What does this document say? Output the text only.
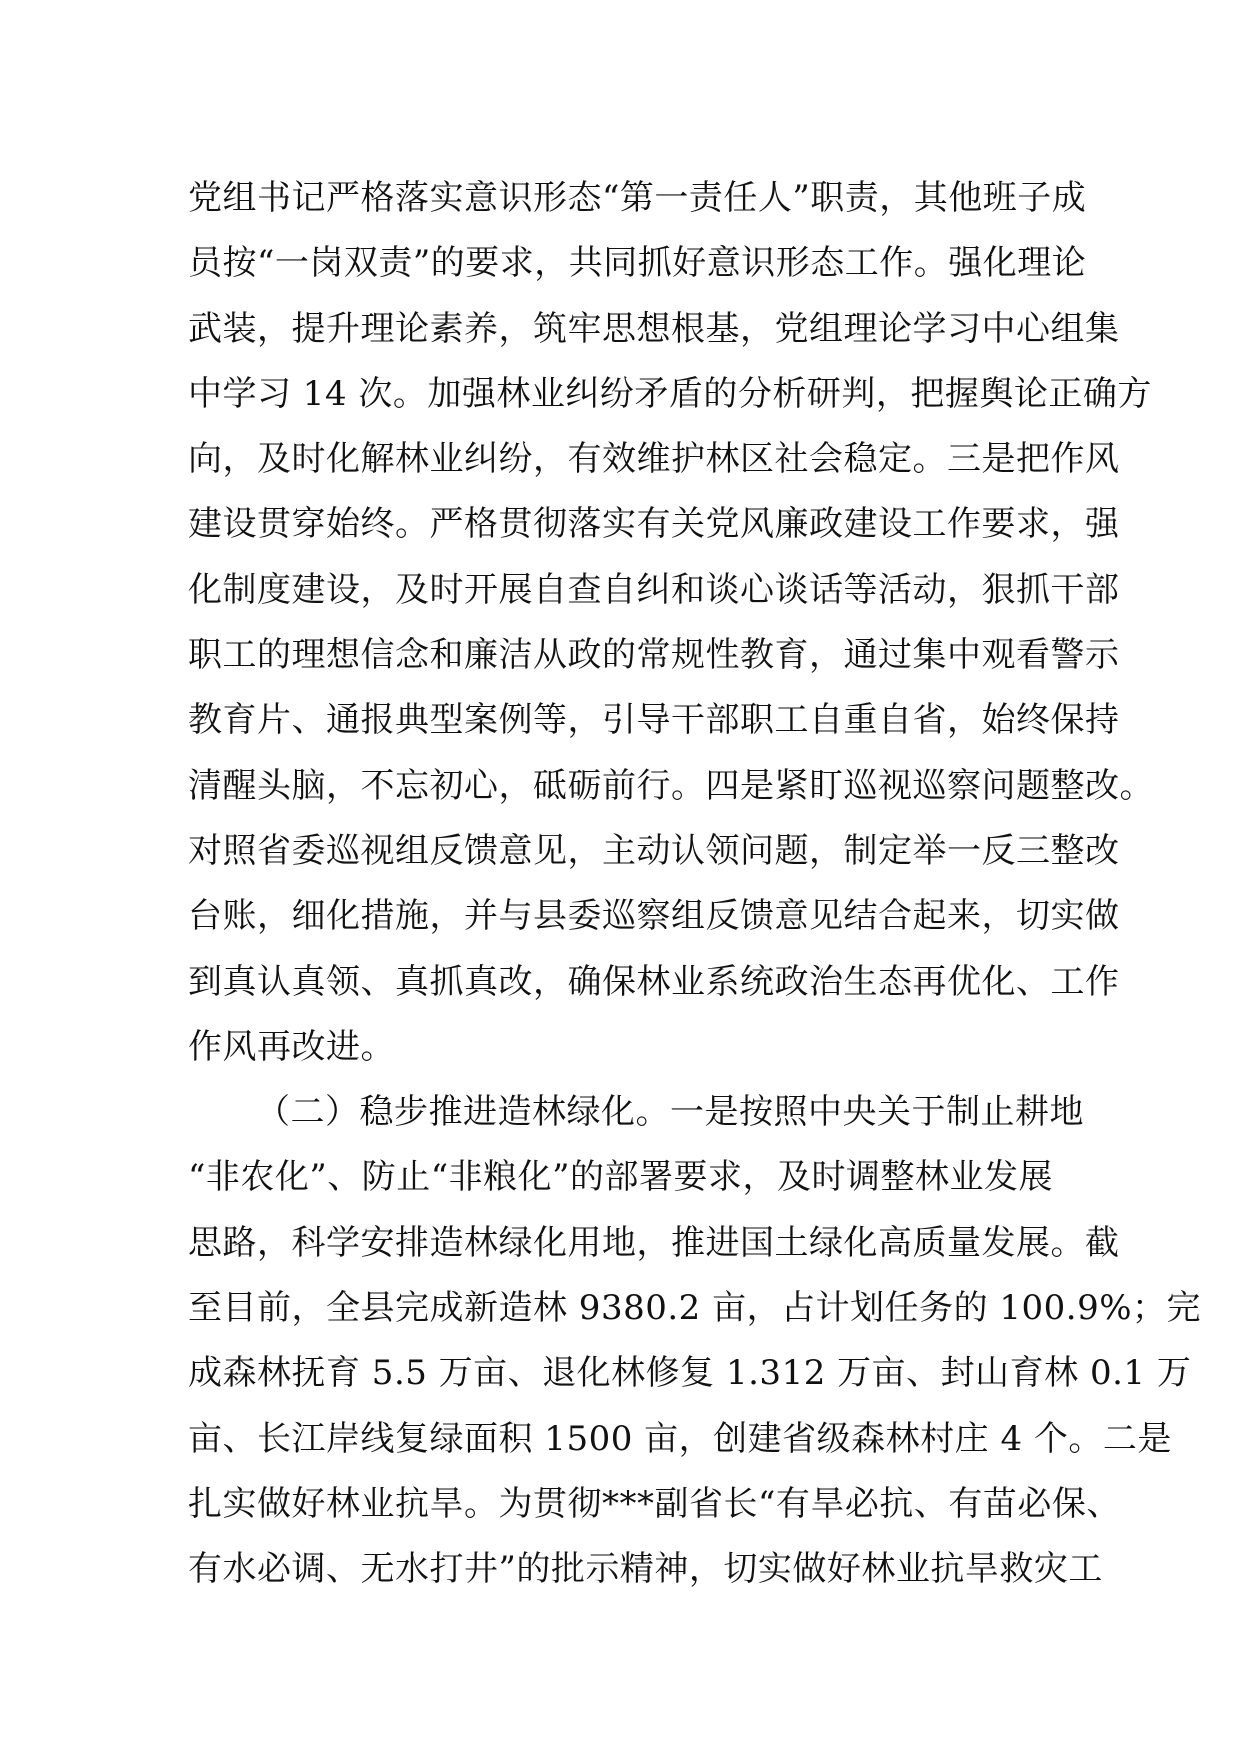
党组书记严格落实意识形态“第一责任人”职责，其他班子成
员按“一岗双责”的要求，共同抓好意识形态工作。强化理论
武装，提升理论素养，筑牢思想根基，党组理论学习中心组集
中学习 14 次。加强林业纠纷矛盾的分析研判，把握舆论正确方
向，及时化解林业纠纷，有效维护林区社会稳定。三是把作风
建设贯穿始终。严格贯彻落实有关党风廉政建设工作要求，强
化制度建设，及时开展自查自纠和谈心谈话等活动，狠抓干部
职工的理想信念和廉洁从政的常规性教育，通过集中观看警示
教育片、通报典型案例等，引导干部职工自重自省，始终保持
清醒头脑，不忘初心，砥砺前行。四是紧盯巡视巡察问题整改。
对照省委巡视组反馈意见，主动认领问题，制定举一反三整改
台账，细化措施，并与县委巡察组反馈意见结合起来，切实做
到真认真领、真抓真改，确保林业系统政治生态再优化、工作
作风再改进。
（二）稳步推进造林绿化。一是按照中央关于制止耕地
“非农化”、防止“非粮化”的部署要求，及时调整林业发展
思路，科学安排造林绿化用地，推进国土绿化高质量发展。截
至目前，全县完成新造林 9380.2 亩，占计划任务的 100.9%；完
成森林抚育 5.5 万亩、退化林修复 1.312 万亩、封山育林 0.1 万
亩、长江岸线复绿面积 1500 亩，创建省级森林村庄 4 个。二是
扎实做好林业抗旱。为贯彻***副省长“有旱必抗、有苗必保、
有水必调、无水打井”的批示精神，切实做好林业抗旱救灾工
